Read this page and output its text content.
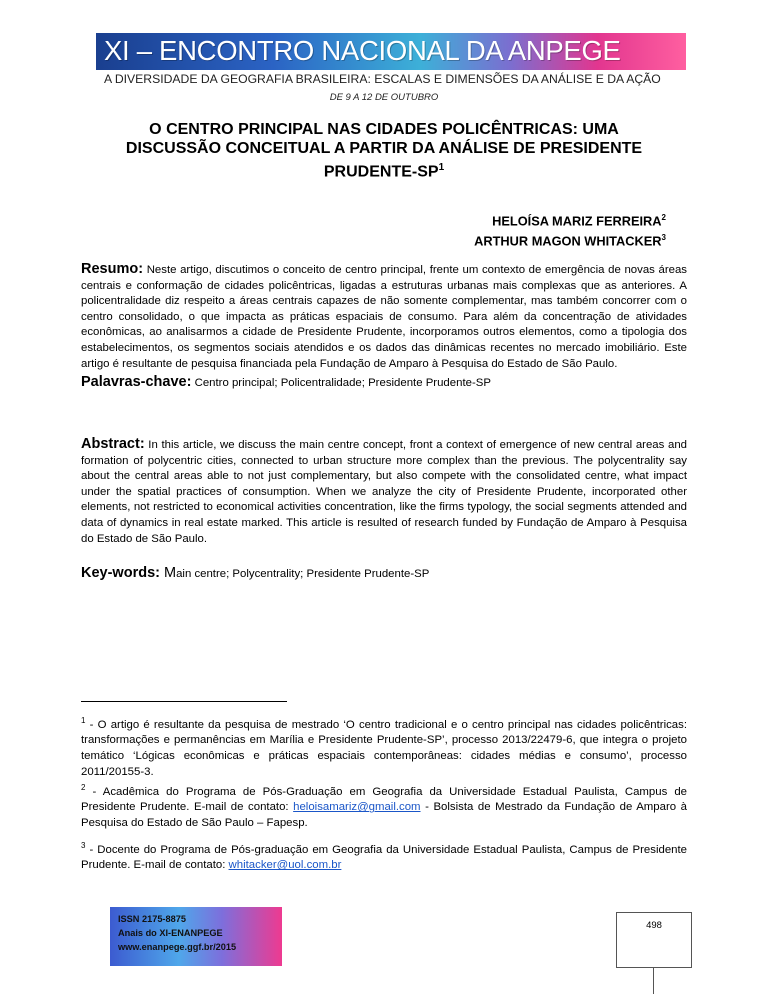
XI – ENCONTRO NACIONAL DA ANPEGE
A DIVERSIDADE DA GEOGRAFIA BRASILEIRA: ESCALAS E DIMENSÕES DA ANÁLISE E DA AÇÃO
DE 9 A 12 DE OUTUBRO
O CENTRO PRINCIPAL NAS CIDADES POLICÊNTRICAS: UMA DISCUSSÃO CONCEITUAL A PARTIR DA ANÁLISE DE PRESIDENTE PRUDENTE-$SP^1$
HELOÍSA MARIZ FERREIRA$^2$
ARTHUR MAGON WHITACKER$^3$
Resumo: Neste artigo, discutimos o conceito de centro principal, frente um contexto de emergência de novas áreas centrais e conformação de cidades policêntricas, ligadas a estruturas urbanas mais complexas que as anteriores. A policentralidade diz respeito a áreas centrais capazes de não somente complementar, mas também concorrer com o centro consolidado, o que impacta as práticas espaciais de consumo. Para além da concentração de atividades econômicas, ao analisarmos a cidade de Presidente Prudente, incorporamos outros elementos, como a tipologia dos estabelecimentos, os segmentos sociais atendidos e os dados das dinâmicas recentes no mercado imobiliário. Este artigo é resultante de pesquisa financiada pela Fundação de Amparo à Pesquisa do Estado de São Paulo.
Palavras-chave: Centro principal; Policentralidade; Presidente Prudente-SP
Abstract: In this article, we discuss the main centre concept, front a context of emergence of new central areas and formation of polycentric cities, connected to urban structure more complex than the previous. The polycentrality say about the central areas able to not just complementary, but also compete with the consolidated centre, what impact under the spatial practices of consumption. When we analyze the city of Presidente Prudente, incorporated other elements, not restricted to economical activities concentration, like the firms typology, the social segments attended and data of dynamics in real estate marked. This article is resulted of research funded by Fundação de Amparo à Pesquisa do Estado de São Paulo.
Key-words: Main centre; Polycentrality; Presidente Prudente-SP
$^1$ - O artigo é resultante da pesquisa de mestrado ‘O centro tradicional e o centro principal nas cidades policêntricas: transformações e permanências em Marília e Presidente Prudente-SP’, processo 2013/22479-6, que integra o projeto temático ‘Lógicas econômicas e práticas espaciais contemporâneas: cidades médias e consumo’, processo 2011/20155-3.
$^2$ - Acadêmica do Programa de Pós-Graduação em Geografia da Universidade Estadual Paulista, Campus de Presidente Prudente. E-mail de contato: heloisamariz@gmail.com - Bolsista de Mestrado da Fundação de Amparo à Pesquisa do Estado de São Paulo – Fapesp.
$^3$ - Docente do Programa de Pós-graduação em Geografia da Universidade Estadual Paulista, Campus de Presidente Prudente. E-mail de contato: whitacker@uol.com.br
ISSN 2175-8875
Anais do XI-ENANPEGE
www.enanpege.ggf.br/2015
498
